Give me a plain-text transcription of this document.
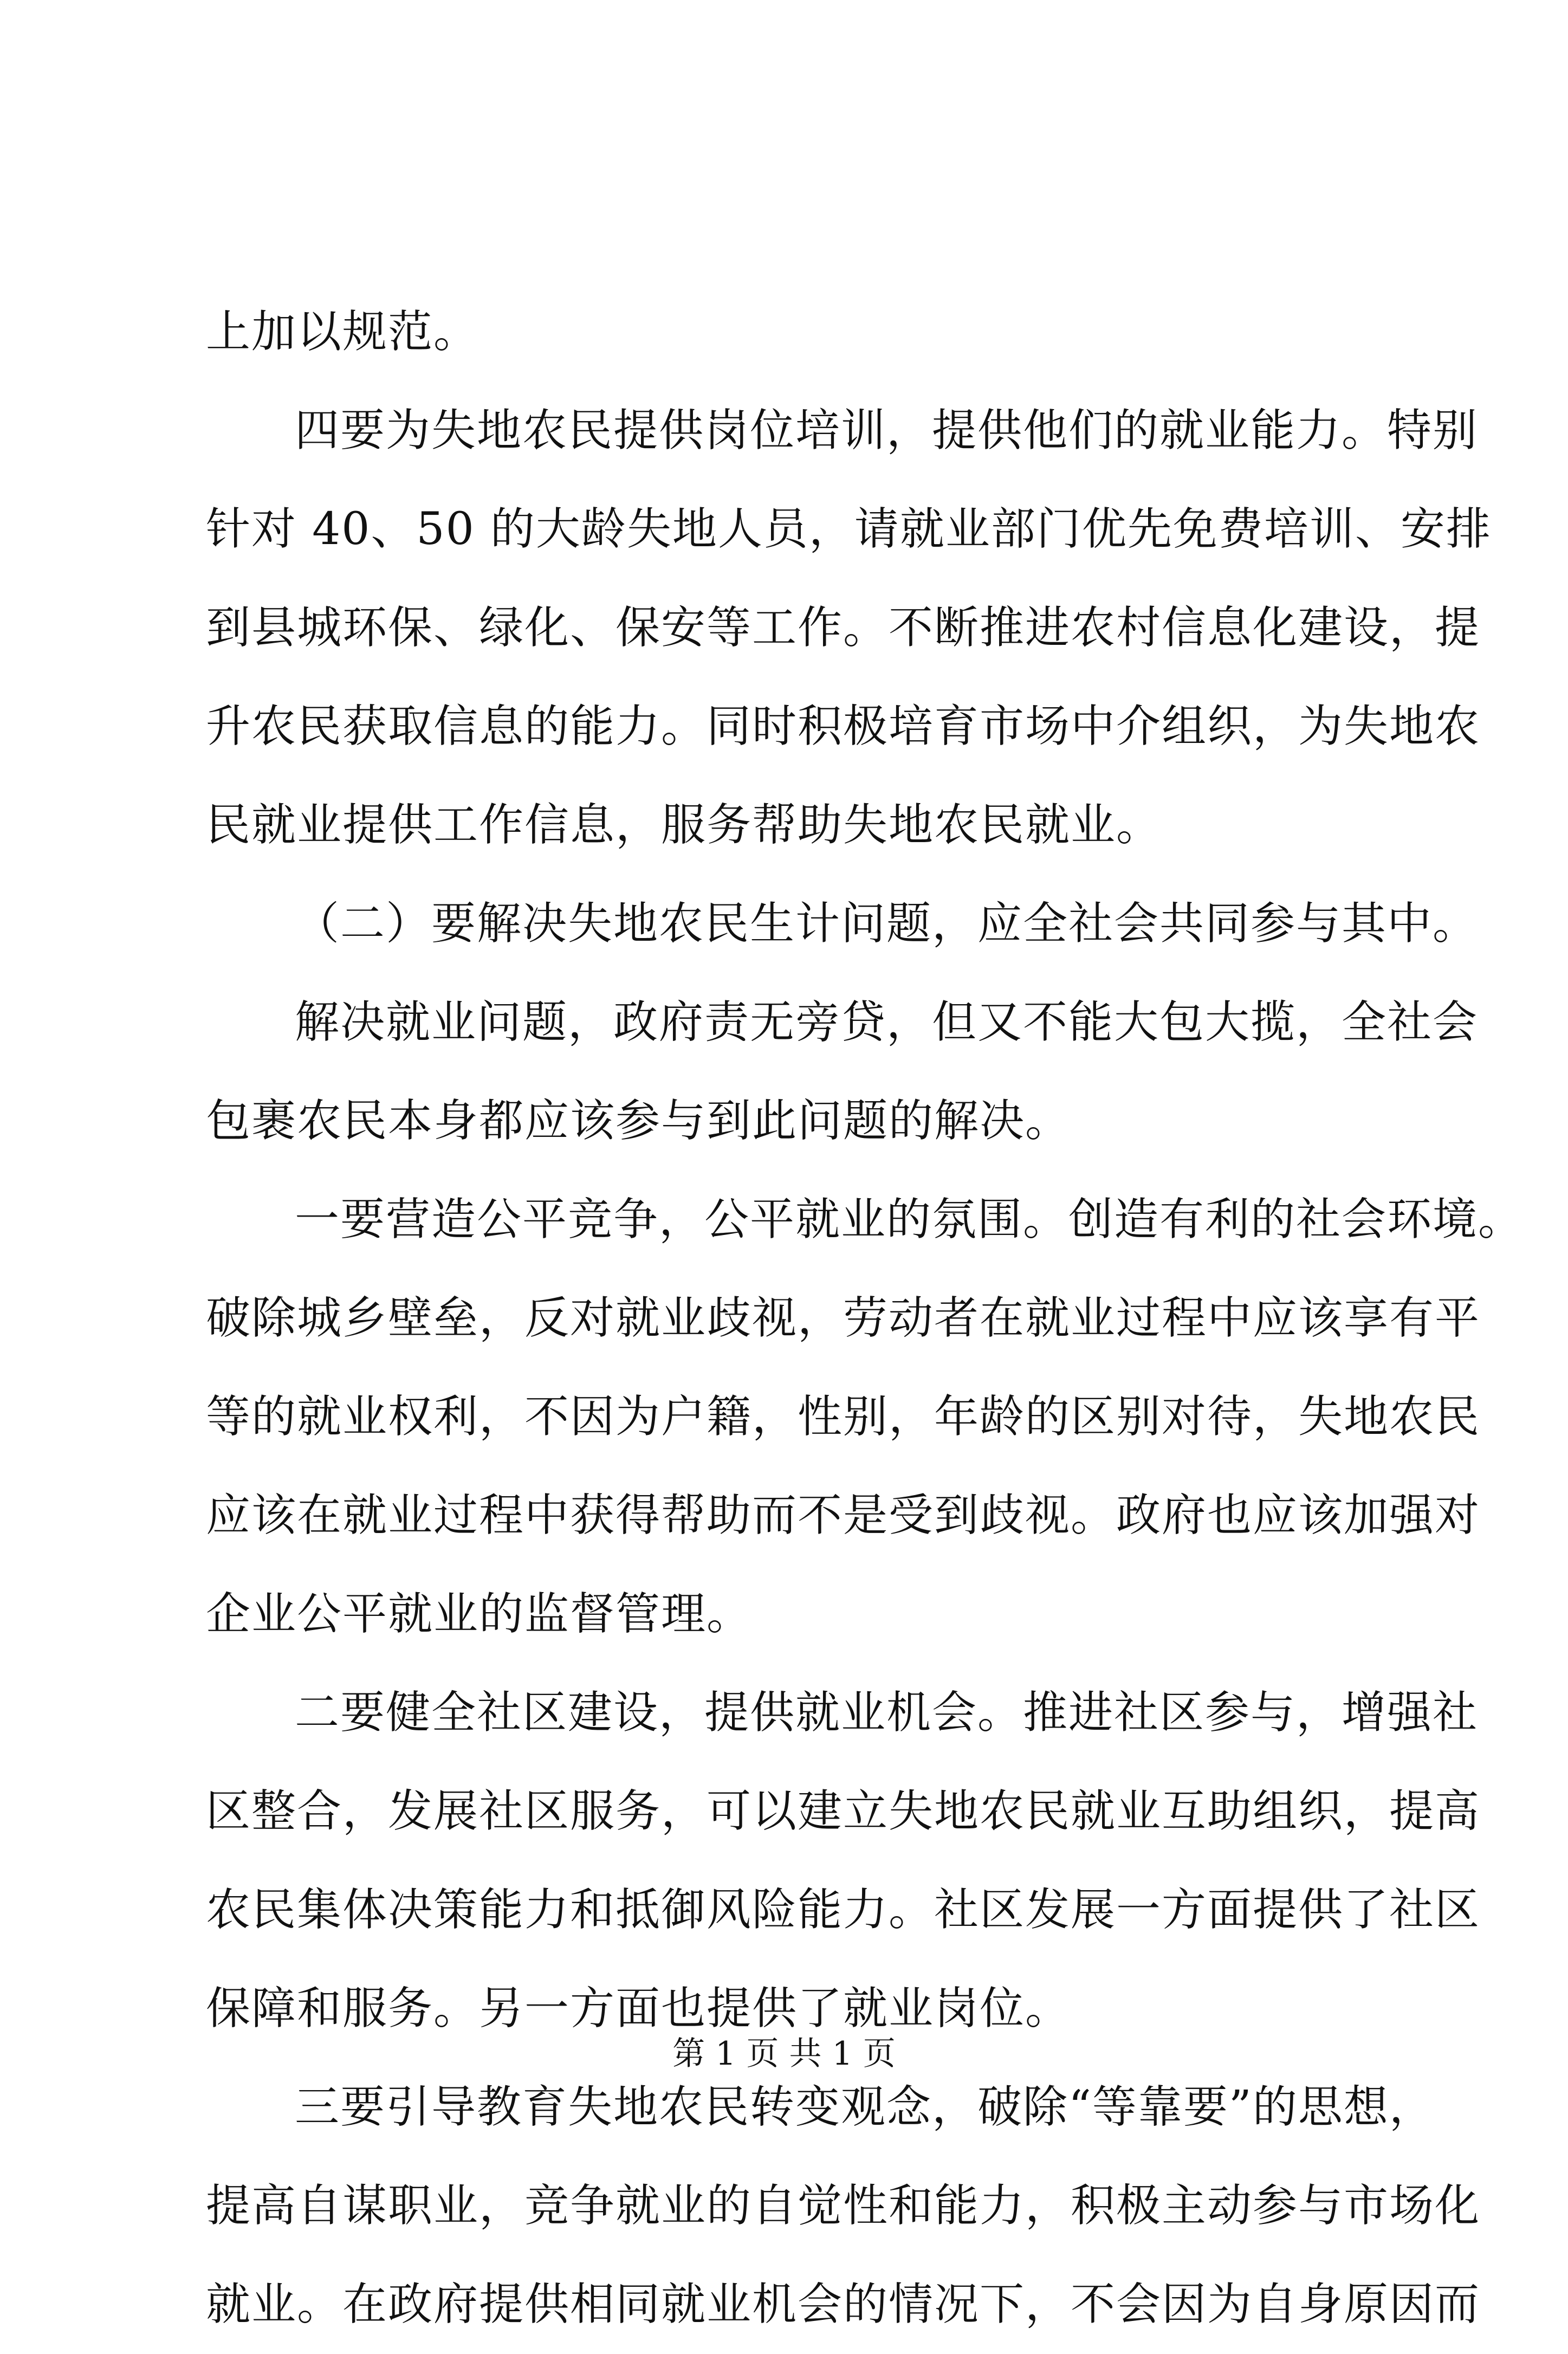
上加以规范。
四要为失地农民提供岗位培训，提供他们的就业能力。特别
针对 40、50 的大龄失地人员，请就业部门优先免费培训、安排
到县城环保、绿化、保安等工作。不断推进农村信息化建设，提
升农民获取信息的能力。同时积极培育市场中介组织，为失地农
民就业提供工作信息，服务帮助失地农民就业。
（二）要解决失地农民生计问题，应全社会共同参与其中。
解决就业问题，政府责无旁贷，但又不能大包大揽，全社会
包裹农民本身都应该参与到此问题的解决。
一要营造公平竞争，公平就业的氛围。创造有利的社会环境。
破除城乡壁垒，反对就业歧视，劳动者在就业过程中应该享有平
等的就业权利，不因为户籍，性别，年龄的区别对待，失地农民
应该在就业过程中获得帮助而不是受到歧视。政府也应该加强对
企业公平就业的监督管理。
二要健全社区建设，提供就业机会。推进社区参与，增强社
区整合，发展社区服务，可以建立失地农民就业互助组织，提高
农民集体决策能力和抵御风险能力。社区发展一方面提供了社区
保障和服务。另一方面也提供了就业岗位。
三要引导教育失地农民转变观念，破除“等靠要”的思想，
提高自谋职业，竞争就业的自觉性和能力，积极主动参与市场化
就业。在政府提供相同就业机会的情况下，不会因为自身原因而
第 1 页 共 1 页
